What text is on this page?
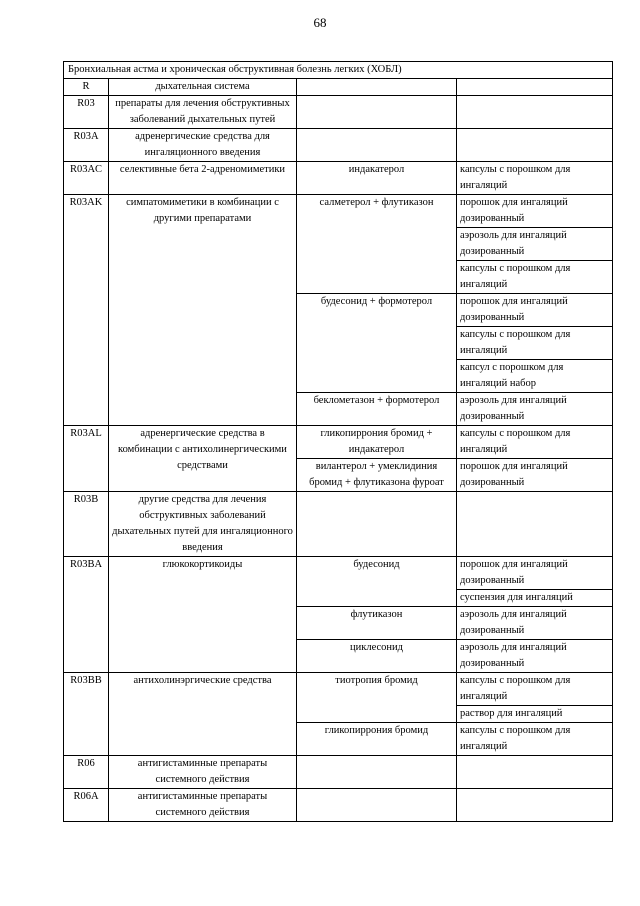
68
Бронхиальная астма и хроническая обструктивная болезнь легких (ХОБЛ)			
R	дыхательная система		
R03	препараты для лечения обструктивных заболеваний дыхательных путей		
R03A	адренергические средства для ингаляционного введения		
R03AC	селективные бета 2-адреномиметики	индакатерол	капсулы с порошком для ингаляций
R03AK	симпатомиметики в комбинации с другими препаратами	салметерол + флутиказон	порошок для ингаляций дозированный
			аэрозоль для ингаляций дозированный
			капсулы с порошком для ингаляций
		будесонид + формотерол	порошок для ингаляций дозированный
			капсулы с порошком для ингаляций
			капсул с порошком для ингаляций набор
		беклометазон + формотерол	аэрозоль для ингаляций дозированный
R03AL	адренергические средства в комбинации с антихолинергическими средствами	гликопиррония бромид + индакатерол	капсулы с порошком для ингаляций
		вилантерол + умеклидиния бромид + флутиказона фуроат	порошок для ингаляций дозированный
R03B	другие средства для лечения обструктивных заболеваний дыхательных путей для ингаляционного введения		
R03BA	глюкокортикоиды	будесонид	порошок для ингаляций дозированный
			суспензия для ингаляций
		флутиказон	аэрозоль для ингаляций дозированный
		циклесонид	аэрозоль для ингаляций дозированный
R03BB	антихолинэргические средства	тиотропия бромид	капсулы с порошком для ингаляций
			раствор для ингаляций
		гликопиррония бромид	капсулы с порошком для ингаляций
R06	антигистаминные препараты системного действия		
R06A	антигистаминные препараты системного действия		
